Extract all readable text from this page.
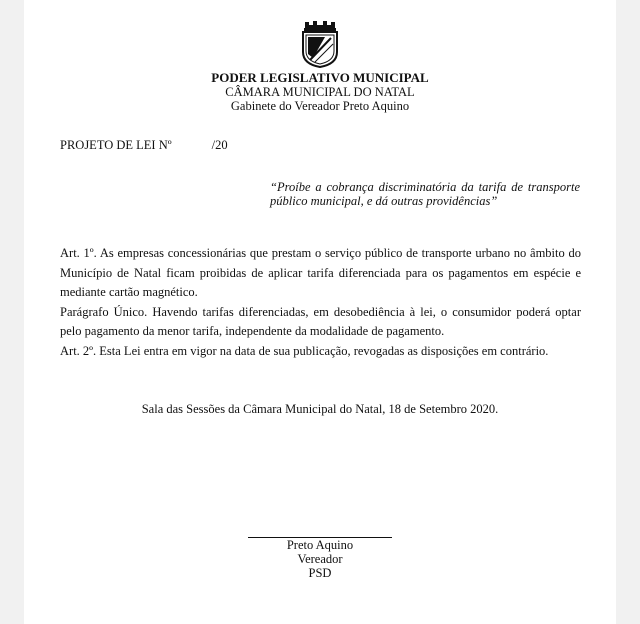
PODER LEGISLATIVO MUNICIPAL
CÂMARA MUNICIPAL DO NATAL
Gabinete do Vereador Preto Aquino
PROJETO DE LEI Nº	/20
“Proíbe a cobrança discriminatória da tarifa de transporte público municipal, e dá outras providências”

Art. 1º. As empresas concessionárias que prestam o serviço público de transporte urbano no âmbito do Município de Natal ficam proibidas de aplicar tarifa diferenciada para os pagamentos em espécie e mediante cartão magnético.

Parágrafo Único. Havendo tarifas diferenciadas, em desobediência à lei, o consumidor poderá optar pelo pagamento da menor tarifa, independente da modalidade de pagamento.

Art. 2º. Esta Lei entra em vigor na data de sua publicação, revogadas as disposições em contrário.

Sala das Sessões da Câmara Municipal do Natal, 18 de Setembro 2020.
Preto Aquino
Vereador
PSD
